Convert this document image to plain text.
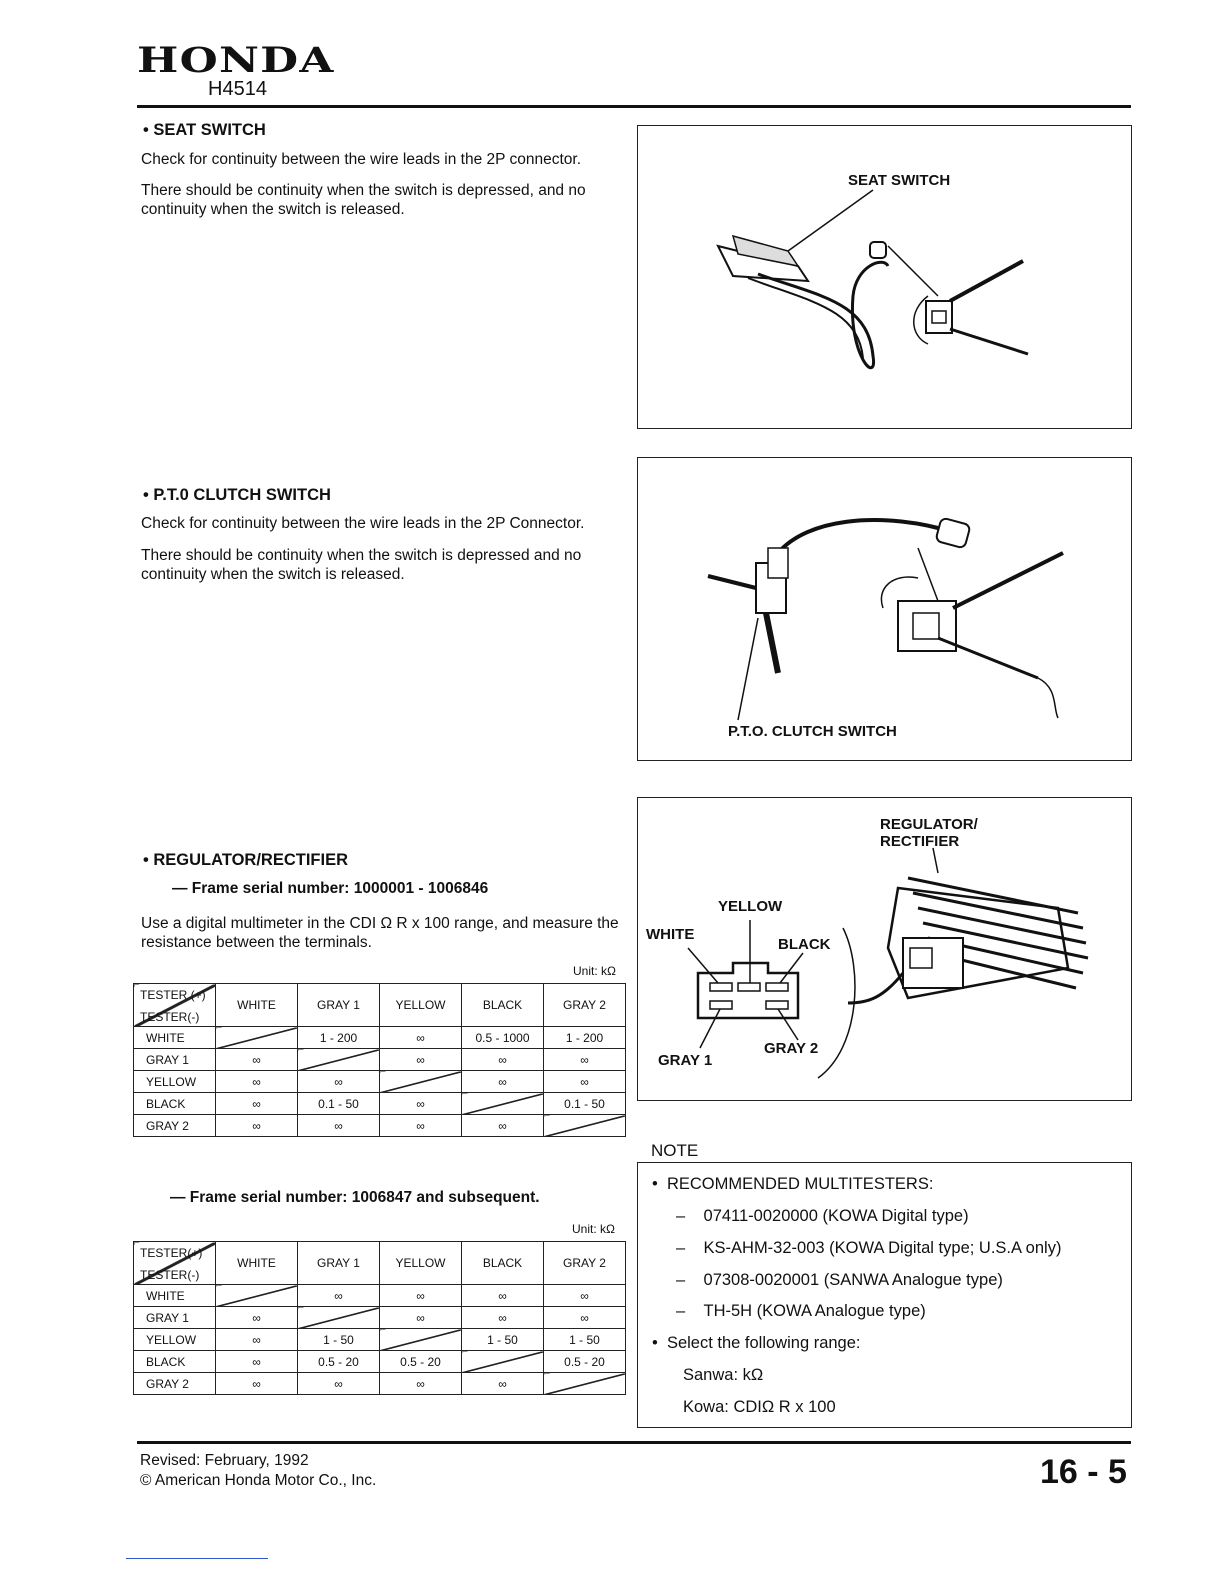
HONDA
H4514
• SEAT SWITCH
Check for continuity between the wire leads in the 2P connector.
There should be continuity when the switch is depressed, and no continuity when the switch is released.
SEAT SWITCH
• P.T.0 CLUTCH SWITCH
Check for continuity between the wire leads in the 2P Connector.
There should be continuity when the switch is depressed and no continuity when the switch is released.
P.T.O. CLUTCH SWITCH
• REGULATOR/RECTIFIER
— Frame serial number: 1000001 - 1006846
Use a digital multimeter in the CDI Ω R x 100 range, and measure the resistance between the terminals.
Unit: kΩ
TESTER (+)
TESTER(-)	WHITE	GRAY 1	YELLOW	BLACK	GRAY 2
WHITE		1 - 200	∞	0.5 - 1000	1 - 200
GRAY 1	∞		∞	∞	∞
YELLOW	∞	∞		∞	∞
BLACK	∞	0.1 - 50	∞		0.1 - 50
GRAY 2	∞	∞	∞	∞	
— Frame serial number: 1006847 and subsequent.
Unit: kΩ
TESTER(+)
TESTER(-)	WHITE	GRAY 1	YELLOW	BLACK	GRAY 2
WHITE		∞	∞	∞	∞
GRAY 1	∞		∞	∞	∞
YELLOW	∞	1 - 50		1 - 50	1 - 50
BLACK	∞	0.5 - 20	0.5 - 20		0.5 - 20
GRAY 2	∞	∞	∞	∞	
REGULATOR/
RECTIFIER
YELLOW
WHITE
BLACK
GRAY 2
GRAY 1
NOTE
•  RECOMMENDED MULTITESTERS:
–    07411-0020000 (KOWA Digital type)
–    KS-AHM-32-003 (KOWA Digital type; U.S.A only)
–    07308-0020001 (SANWA Analogue type)
–    TH-5H (KOWA Analogue type)
•  Select the following range:
Sanwa: kΩ
Kowa: CDIΩ R x 100
Revised: February, 1992
© American Honda Motor Co., Inc.	16 - 5
